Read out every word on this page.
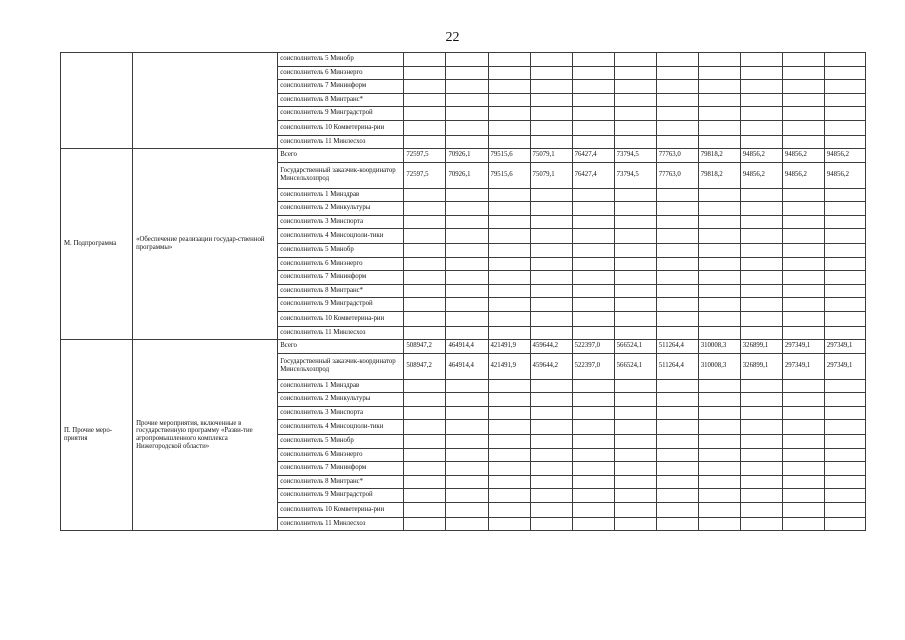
22
		соисполнитель 5 Минобр											
		соисполнитель 6 Минэнерго											
		соисполнитель 7 Мининформ											
		соисполнитель 8 Минтранс*											
		соисполнитель 9 Минградстрой											
		соисполнитель 10 Комветерина-рии											
		соисполнитель 11 Минлесхоз											
М. Подпрограмма	«Обеспечение реализации государ-ственной программы»	Всего	72597,5	70926,1	79515,6	75079,1	76427,4	73794,5	77763,0	79818,2	94856,2	94856,2	94856,2
		Государственный заказчик-координатор Минсельхозпрод	72597,5	70926,1	79515,6	75079,1	76427,4	73794,5	77763,0	79818,2	94856,2	94856,2	94856,2
		соисполнитель 1 Минздрав											
		соисполнитель 2 Минкультуры											
		соисполнитель 3 Минспорта											
		соисполнитель 4 Минсоцполи-тики											
		соисполнитель 5 Минобр											
		соисполнитель 6 Минэнерго											
		соисполнитель 7 Мининформ											
		соисполнитель 8 Минтранс*											
		соисполнитель 9 Минградстрой											
		соисполнитель 10 Комветерина-рии											
		соисполнитель 11 Минлесхоз											
П. Прочие меро-приятия	Прочие мероприятия, включенные в государственную программу «Разви-тие агропромышленного комплекса Нижегородской области»	Всего	508947,2	464914,4	421491,9	459644,2	522397,0	566524,1	511264,4	310008,3	326899,1	297349,1	297349,1
		Государственный заказчик-координатор Минсельхозпрод	508947,2	464914,4	421491,9	459644,2	522397,0	566524,1	511264,4	310008,3	326899,1	297349,1	297349,1
		соисполнитель 1 Минздрав											
		соисполнитель 2 Минкультуры											
		соисполнитель 3 Минспорта											
		соисполнитель 4 Минсоцполи-тики											
		соисполнитель 5 Минобр											
		соисполнитель 6 Минэнерго											
		соисполнитель 7 Мининформ											
		соисполнитель 8 Минтранс*											
		соисполнитель 9 Минградстрой											
		соисполнитель 10 Комветерина-рии											
		соисполнитель 11 Минлесхоз											
